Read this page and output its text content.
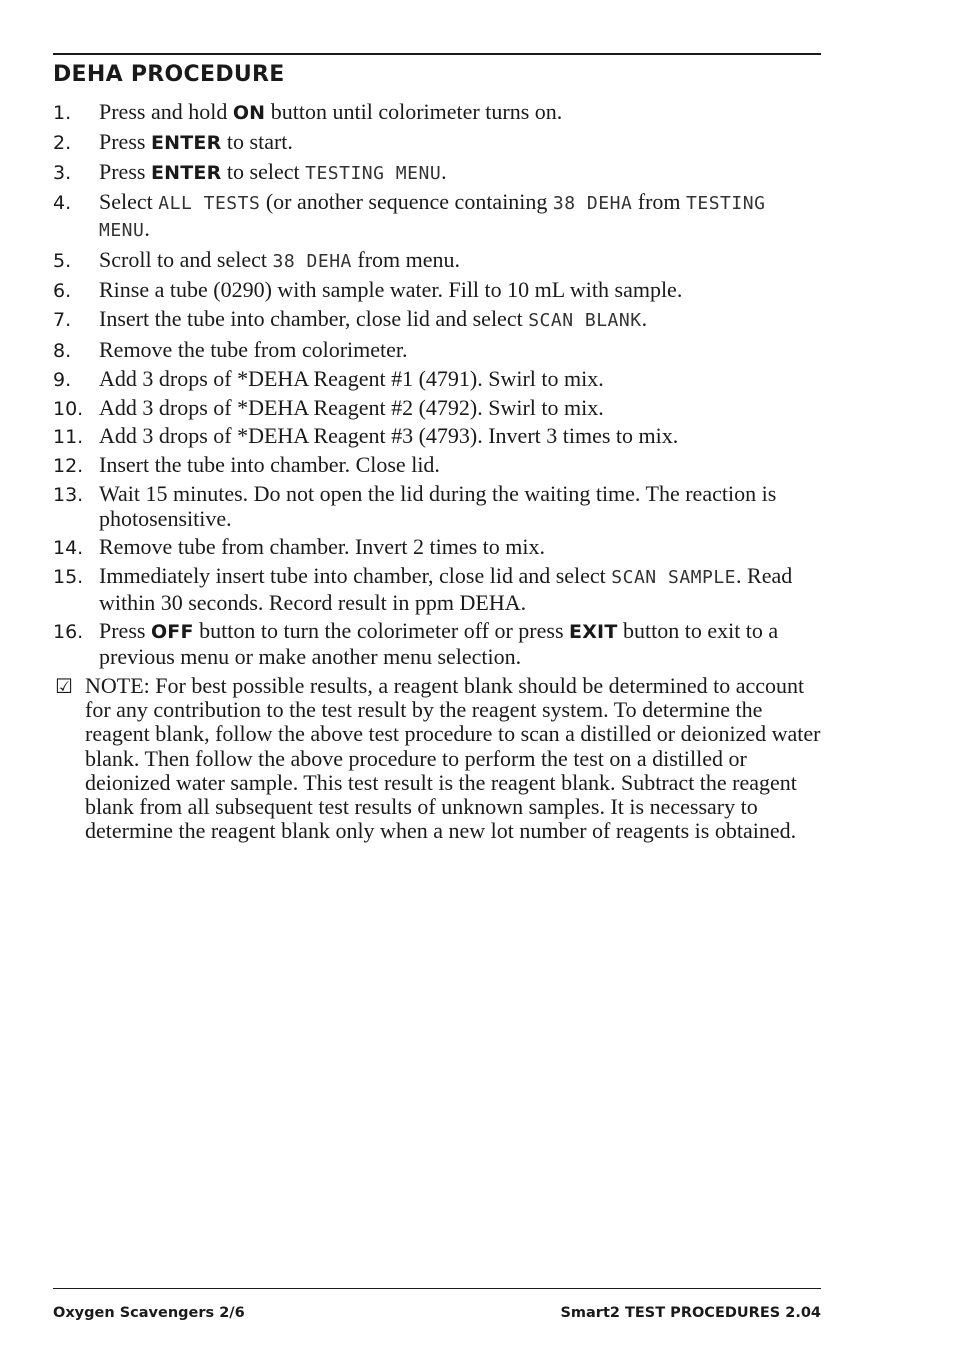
DEHA PROCEDURE
1. Press and hold ON button until colorimeter turns on.
2. Press ENTER to start.
3. Press ENTER to select TESTING MENU.
4. Select ALL TESTS (or another sequence containing 38 DEHA from TESTING MENU.
5. Scroll to and select 38 DEHA from menu.
6. Rinse a tube (0290) with sample water. Fill to 10 mL with sample.
7. Insert the tube into chamber, close lid and select SCAN BLANK.
8. Remove the tube from colorimeter.
9. Add 3 drops of *DEHA Reagent #1 (4791). Swirl to mix.
10. Add 3 drops of *DEHA Reagent #2 (4792). Swirl to mix.
11. Add 3 drops of *DEHA Reagent #3 (4793). Invert 3 times to mix.
12. Insert the tube into chamber. Close lid.
13. Wait 15 minutes. Do not open the lid during the waiting time. The reaction is photosensitive.
14. Remove tube from chamber. Invert 2 times to mix.
15. Immediately insert tube into chamber, close lid and select SCAN SAMPLE. Read within 30 seconds. Record result in ppm DEHA.
16. Press OFF button to turn the colorimeter off or press EXIT button to exit to a previous menu or make another menu selection.
☑ NOTE: For best possible results, a reagent blank should be determined to account for any contribution to the test result by the reagent system. To determine the reagent blank, follow the above test procedure to scan a distilled or deionized water blank. Then follow the above procedure to perform the test on a distilled or deionized water sample. This test result is the reagent blank. Subtract the reagent blank from all subsequent test results of unknown samples. It is necessary to determine the reagent blank only when a new lot number of reagents is obtained.
Oxygen Scavengers 2/6	Smart2 TEST PROCEDURES 2.04
